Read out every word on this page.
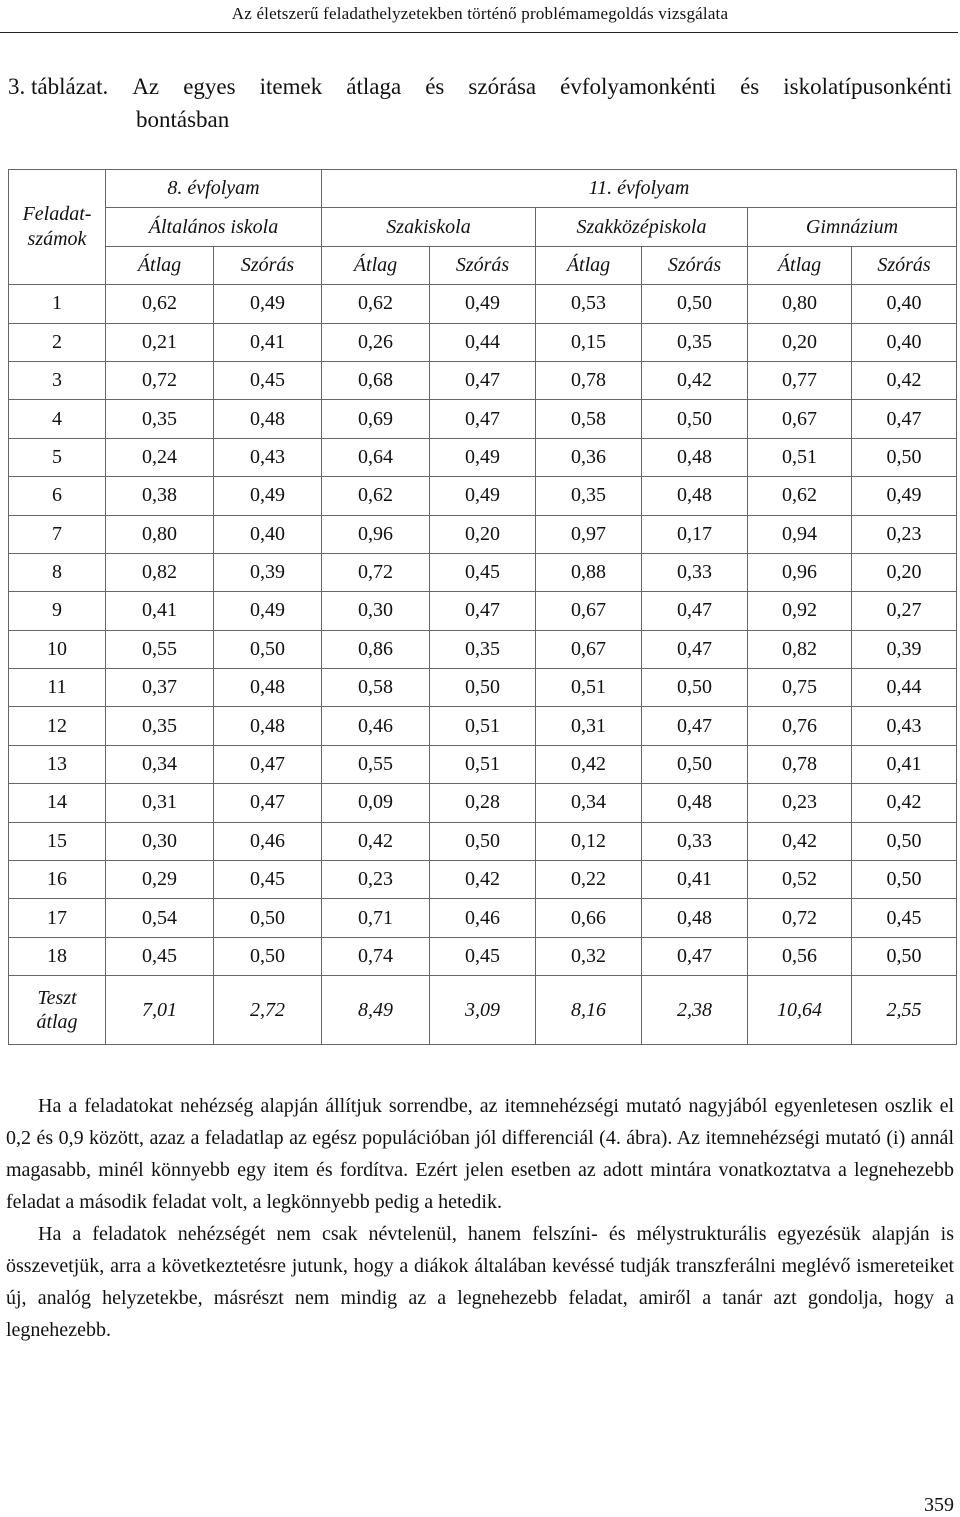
Az életszerű feladathelyzetekben történő problémamegoldás vizsgálata
3. táblázat. Az egyes itemek átlaga és szórása évfolyamonkénti és iskolatípusonkénti
bontásban
Feladat-
számok	8. évfolyam		11. évfolyam					
	Általános iskola		Szakiskola		Szakközépiskola		Gimnázium	
	Átlag	Szórás	Átlag	Szórás	Átlag	Szórás	Átlag	Szórás
1	0,62	0,49	0,62	0,49	0,53	0,50	0,80	0,40
2	0,21	0,41	0,26	0,44	0,15	0,35	0,20	0,40
3	0,72	0,45	0,68	0,47	0,78	0,42	0,77	0,42
4	0,35	0,48	0,69	0,47	0,58	0,50	0,67	0,47
5	0,24	0,43	0,64	0,49	0,36	0,48	0,51	0,50
6	0,38	0,49	0,62	0,49	0,35	0,48	0,62	0,49
7	0,80	0,40	0,96	0,20	0,97	0,17	0,94	0,23
8	0,82	0,39	0,72	0,45	0,88	0,33	0,96	0,20
9	0,41	0,49	0,30	0,47	0,67	0,47	0,92	0,27
10	0,55	0,50	0,86	0,35	0,67	0,47	0,82	0,39
11	0,37	0,48	0,58	0,50	0,51	0,50	0,75	0,44
12	0,35	0,48	0,46	0,51	0,31	0,47	0,76	0,43
13	0,34	0,47	0,55	0,51	0,42	0,50	0,78	0,41
14	0,31	0,47	0,09	0,28	0,34	0,48	0,23	0,42
15	0,30	0,46	0,42	0,50	0,12	0,33	0,42	0,50
16	0,29	0,45	0,23	0,42	0,22	0,41	0,52	0,50
17	0,54	0,50	0,71	0,46	0,66	0,48	0,72	0,45
18	0,45	0,50	0,74	0,45	0,32	0,47	0,56	0,50
Teszt
átlag	7,01	2,72	8,49	3,09	8,16	2,38	10,64	2,55

Ha a feladatokat nehézség alapján állítjuk sorrendbe, az itemnehézségi mutató nagyjából egyenletesen oszlik el 0,2 és 0,9 között, azaz a feladatlap az egész populációban jól differenciál (4. ábra). Az itemnehézségi mutató (i) annál magasabb, minél könnyebb egy item és fordítva. Ezért jelen esetben az adott mintára vonatkoztatva a legnehezebb feladat a második feladat volt, a legkönnyebb pedig a hetedik.

Ha a feladatok nehézségét nem csak névtelenül, hanem felszíni- és mélystrukturális egyezésük alapján is összevetjük, arra a következtetésre jutunk, hogy a diákok általában kevéssé tudják transzferálni meglévő ismereteiket új, analóg helyzetekbe, másrészt nem mindig az a legnehezebb feladat, amiről a tanár azt gondolja, hogy a legnehezebb.

359
